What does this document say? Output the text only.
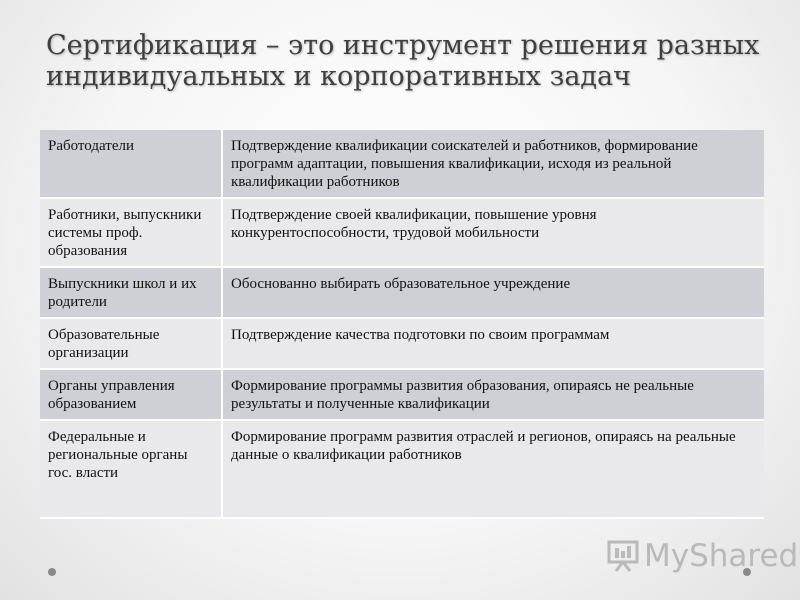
Сертификация – это инструмент решения разных индивидуальных и корпоративных задач
Работодатели	Подтверждение квалификации соискателей и работников, формирование программ адаптации, повышения квалификации, исходя из реальной квалификации работников
Работники, выпускники системы проф. образования
Подтверждение своей квалификации, повышение уровня конкурентоспособности, трудовой мобильности
Выпускники школ и их родители
Обоснованно выбирать образовательное учреждение
Образовательные организации
Подтверждение качества подготовки по своим программам
Органы управления образованием
Формирование программы развития образования, опираясь не реальные результаты и полученные квалификации
Федеральные и региональные органы гос. власти
Формирование программ развития отраслей и регионов, опираясь на реальные данные о квалификации работников
MyShared
